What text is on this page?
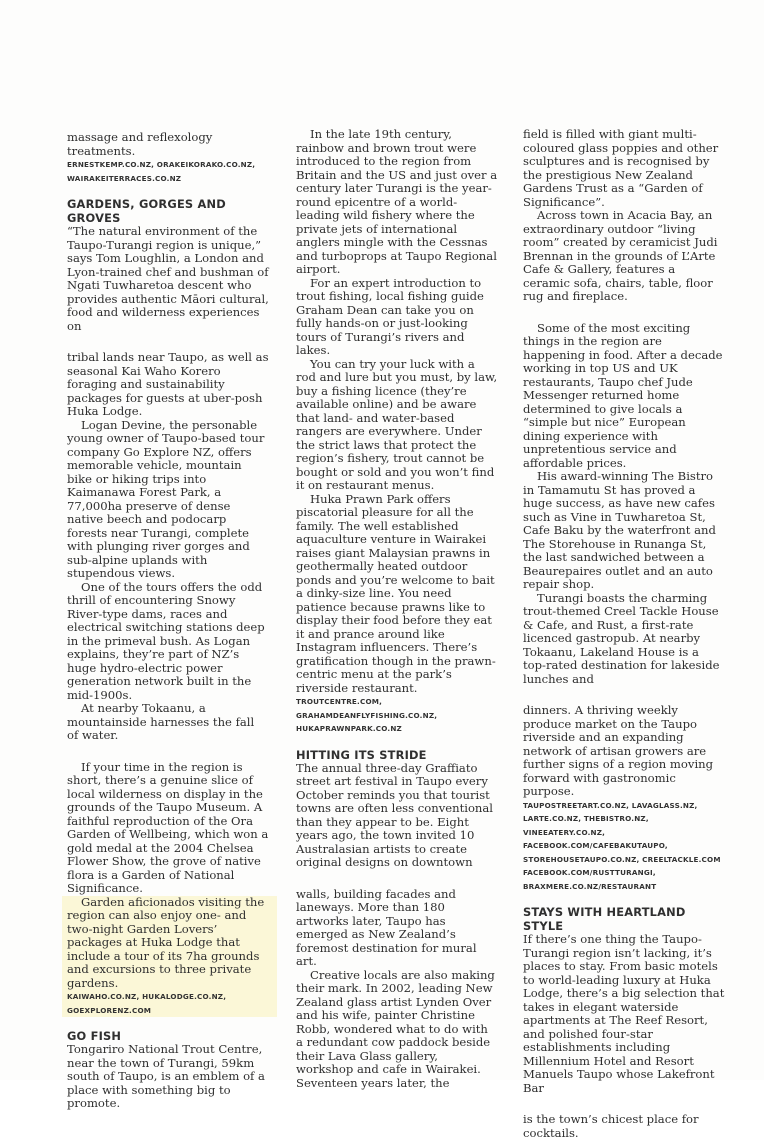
massage and reflexology treatments.

ERNESTKEMP.CO.NZ, ORAKEIKORAKO.CO.NZ, WAIRAKEITERRACES.CO.NZ

GARDENS, GORGES AND GROVES

“The natural environment of the Taupo-Turangi region is unique,” says Tom Loughlin, a London and Lyon-trained chef and bushman of Ngati Tuwharetoa descent who provides authentic Māori cultural, food and wilderness experiences on

tribal lands near Taupo, as well as seasonal Kai Waho Korero foraging and sustainability packages for guests at uber-posh Huka Lodge.

Logan Devine, the personable young owner of Taupo-based tour company Go Explore NZ, offers memorable vehicle, mountain bike or hiking trips into Kaimanawa Forest Park, a 77,000ha preserve of dense native beech and podocarp forests near Turangi, complete with plunging river gorges and sub-alpine uplands with stupendous views.

One of the tours offers the odd thrill of encountering Snowy River-type dams, races and electrical switching stations deep in the primeval bush. As Logan explains, they’re part of NZ’s huge hydro-electric power generation network built in the mid-1900s.

At nearby Tokaanu, a mountainside harnesses the fall of water.

If your time in the region is short, there’s a genuine slice of local wilderness on display in the grounds of the Taupo Museum. A faithful reproduction of the Ora Garden of Wellbeing, which won a gold medal at the 2004 Chelsea Flower Show, the grove of native flora is a Garden of National Significance.

Garden aficionados visiting the region can also enjoy one- and two-night Garden Lovers’ packages at Huka Lodge that include a tour of its 7ha grounds and excursions to three private gardens.

KAIWAHO.CO.NZ, HUKALODGE.CO.NZ, GOEXPLORENZ.COM

GO FISH

Tongariro National Trout Centre, near the town of Turangi, 59km south of Taupo, is an emblem of a place with something big to promote.

In the late 19th century, rainbow and brown trout were introduced to the region from Britain and the US and just over a century later Turangi is the year-round epicentre of a world-leading wild fishery where the private jets of international anglers mingle with the Cessnas and turboprops at Taupo Regional airport.

For an expert introduction to trout fishing, local fishing guide Graham Dean can take you on fully hands-on or just-looking tours of Turangi’s rivers and lakes.

You can try your luck with a rod and lure but you must, by law, buy a fishing licence (they’re available online) and be aware that land- and water-based rangers are everywhere. Under the strict laws that protect the region’s fishery, trout cannot be bought or sold and you won’t find it on restaurant menus.

Huka Prawn Park offers piscatorial pleasure for all the family. The well established aquaculture venture in Wairakei raises giant Malaysian prawns in geothermally heated outdoor ponds and you’re welcome to bait a dinky-size line. You need patience because prawns like to display their food before they eat it and prance around like Instagram influencers. There’s gratification though in the prawn-centric menu at the park’s riverside restaurant.

TROUTCENTRE.COM, GRAHAMDEANFLYFISHING.CO.NZ, HUKAPRAWNPARK.CO.NZ

HITTING ITS STRIDE

The annual three-day Graffiato street art festival in Taupo every October reminds you that tourist towns are often less conventional than they appear to be. Eight years ago, the town invited 10 Australasian artists to create original designs on downtown

walls, building facades and laneways. More than 180 artworks later, Taupo has emerged as New Zealand’s foremost destination for mural art.

Creative locals are also making their mark. In 2002, leading New Zealand glass artist Lynden Over and his wife, painter Christine Robb, wondered what to do with a redundant cow paddock beside their Lava Glass gallery, workshop and cafe in Wairakei. Seventeen years later, the

field is filled with giant multi-coloured glass poppies and other sculptures and is recognised by the prestigious New Zealand Gardens Trust as a “Garden of Significance”.

Across town in Acacia Bay, an extraordinary outdoor “living room” created by ceramicist Judi Brennan in the grounds of L’Arte Cafe & Gallery, features a ceramic sofa, chairs, table, floor rug and fireplace.

Some of the most exciting things in the region are happening in food. After a decade working in top US and UK restaurants, Taupo chef Jude Messenger returned home determined to give locals a “simple but nice” European dining experience with unpretentious service and affordable prices.

His award-winning The Bistro in Tamamutu St has proved a huge success, as have new cafes such as Vine in Tuwharetoa St, Cafe Baku by the waterfront and The Storehouse in Runanga St, the last sandwiched between a Beaurepaires outlet and an auto repair shop.

Turangi boasts the charming trout-themed Creel Tackle House & Cafe, and Rust, a first-rate licenced gastropub. At nearby Tokaanu, Lakeland House is a top-rated destination for lakeside lunches and

dinners. A thriving weekly produce market on the Taupo riverside and an expanding network of artisan growers are further signs of a region moving forward with gastronomic purpose.

TAUPOSTREETART.CO.NZ, LAVAGLASS.NZ, LARTE.CO.NZ, THEBISTRO.NZ, VINEEATERY.CO.NZ, FACEBOOK.COM/CAFEBAKUTAUPO, STOREHOUSETAUPO.CO.NZ, CREELTACKLE.COM FACEBOOK.COM/RUSTTURANGI, BRAXMERE.CO.NZ/RESTAURANT

STAYS WITH HEARTLAND STYLE

If there’s one thing the Taupo-Turangi region isn’t lacking, it’s places to stay. From basic motels to world-leading luxury at Huka Lodge, there’s a big selection that takes in elegant waterside apartments at The Reef Resort, and polished four-star establishments including Millennium Hotel and Resort Manuels Taupo whose Lakefront Bar

is the town’s chicest place for cocktails.
